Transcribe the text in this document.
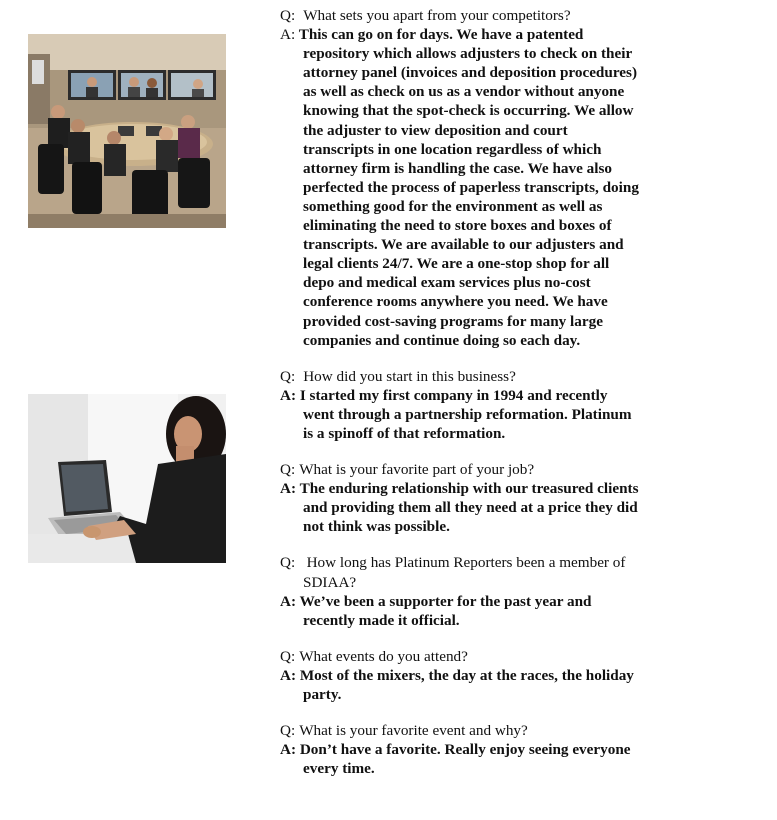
Q: What sets you apart from your competitors?
A: This can go on for days. We have a patented repository which allows adjusters to check on their attorney panel (invoices and deposition procedures) as well as check on us as a vendor without anyone knowing that the spot-check is occurring. We allow the adjuster to view deposition and court transcripts in one location regardless of which attorney firm is handling the case. We have also perfected the process of paperless transcripts, doing something good for the environment as well as eliminating the need to store boxes and boxes of transcripts. We are available to our adjusters and legal clients 24/7. We are a one-stop shop for all depo and medical exam services plus no-cost conference rooms anywhere you need. We have provided cost-saving programs for many large companies and continue doing so each day.
Q: How did you start in this business?
A: I started my first company in 1994 and recently went through a partnership reformation. Platinum is a spinoff of that reformation.
Q: What is your favorite part of your job?
A: The enduring relationship with our treasured clients and providing them all they need at a price they did not think was possible.
Q: How long has Platinum Reporters been a member of SDIAA?
A: We’ve been a supporter for the past year and recently made it official.
Q: What events do you attend?
A: Most of the mixers, the day at the races, the holiday party.
Q: What is your favorite event and why?
A: Don’t have a favorite. Really enjoy seeing everyone every time.
